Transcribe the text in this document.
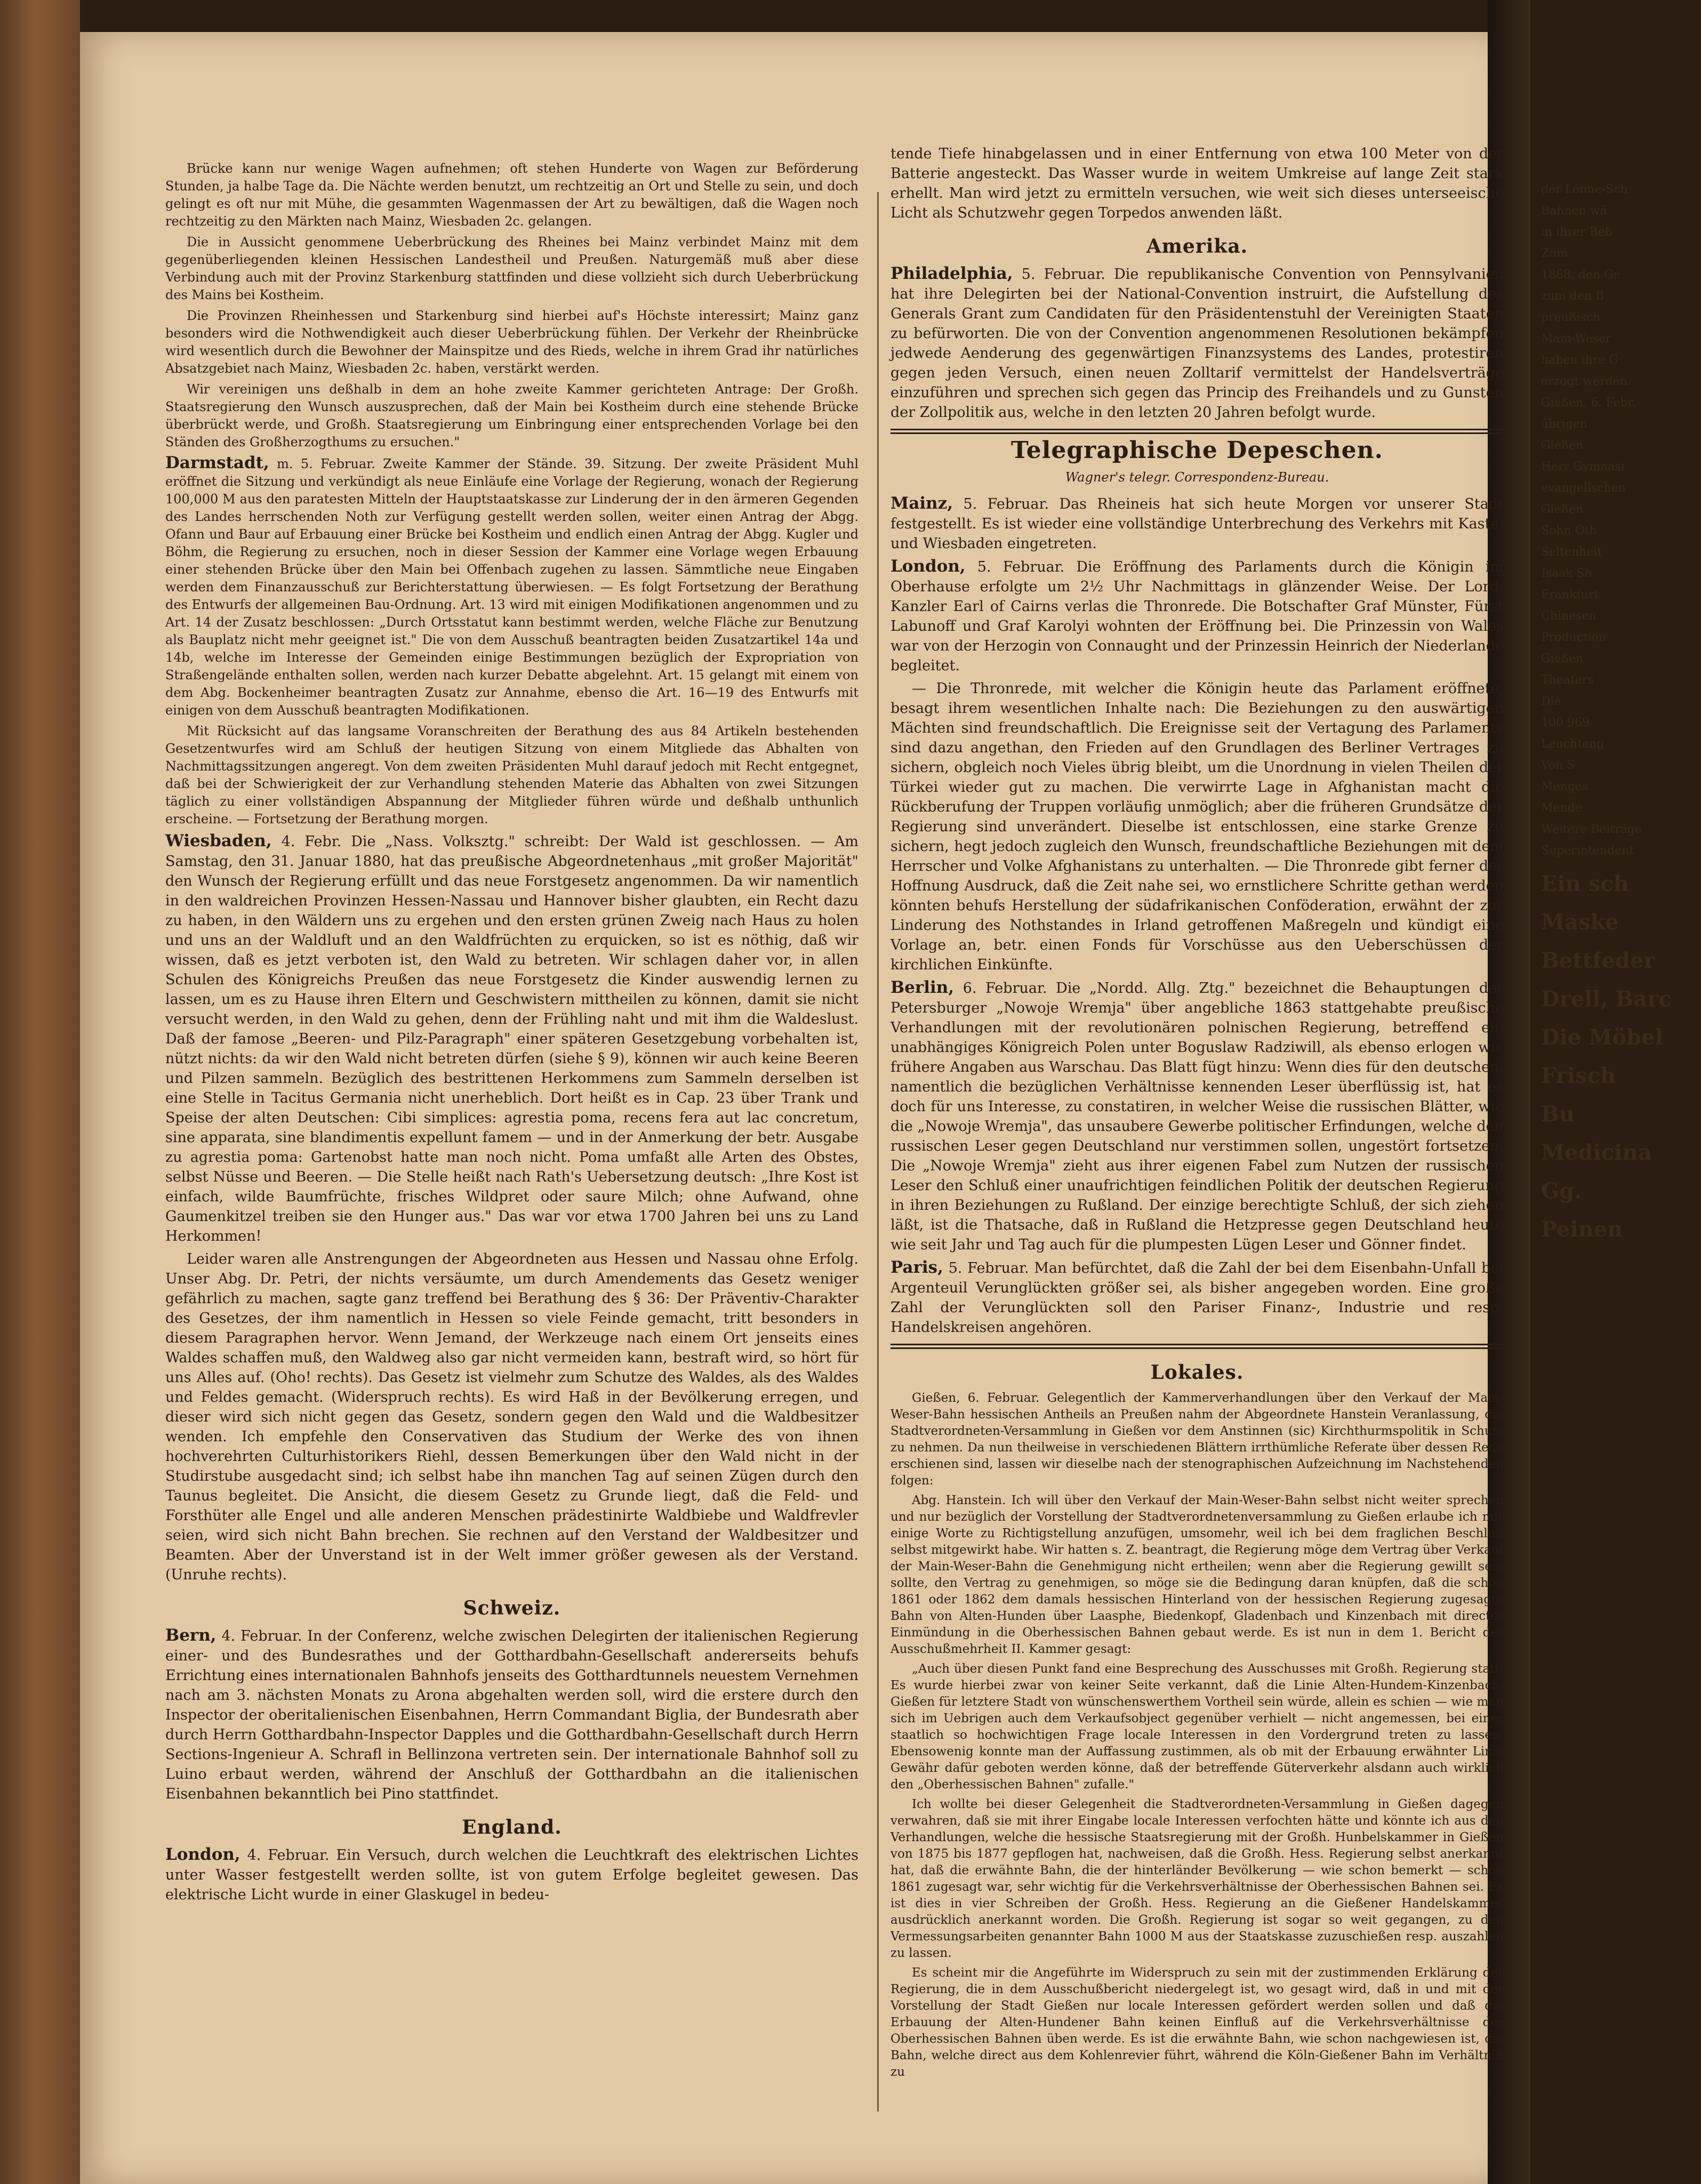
Brücke kann nur wenige Wagen aufnehmen; oft stehen Hunderte von Wagen zur Beförderung Stunden, ja halbe Tage da. Die Nächte werden benutzt, um rechtzeitig an Ort und Stelle zu sein, und doch gelingt es oft nur mit Mühe, die gesammten Wagenmassen der Art zu bewältigen, daß die Wagen noch rechtzeitig zu den Märkten nach Mainz, Wiesbaden 2c. gelangen.

Die in Aussicht genommene Ueberbrückung des Rheines bei Mainz verbindet Mainz mit dem gegenüberliegenden kleinen Hessischen Landestheil und Preußen. Naturgemäß muß aber diese Verbindung auch mit der Provinz Starkenburg stattfinden und diese vollzieht sich durch Ueberbrückung des Mains bei Kostheim.

Die Provinzen Rheinhessen und Starkenburg sind hierbei auf's Höchste interessirt; Mainz ganz besonders wird die Nothwendigkeit auch dieser Ueberbrückung fühlen. Der Verkehr der Rheinbrücke wird wesentlich durch die Bewohner der Mainspitze und des Rieds, welche in ihrem Grad ihr natürliches Absatzgebiet nach Mainz, Wiesbaden 2c. haben, verstärkt werden.

Wir vereinigen uns deßhalb in dem an hohe zweite Kammer gerichteten Antrage: Der Großh. Staatsregierung den Wunsch auszusprechen, daß der Main bei Kostheim durch eine stehende Brücke überbrückt werde, und Großh. Staatsregierung um Einbringung einer entsprechenden Vorlage bei den Ständen des Großherzogthums zu ersuchen."

Darmstadt, m. 5. Februar. Zweite Kammer der Stände. 39. Sitzung. Der zweite Präsident Muhl eröffnet die Sitzung und verkündigt als neue Einläufe eine Vorlage der Regierung, wonach der Regierung 100,000 M aus den paratesten Mitteln der Hauptstaatskasse zur Linderung der in den ärmeren Gegenden des Landes herrschenden Noth zur Verfügung gestellt werden sollen, weiter einen Antrag der Abgg. Ofann und Baur auf Erbauung einer Brücke bei Kostheim und endlich einen Antrag der Abgg. Kugler und Böhm, die Regierung zu ersuchen, noch in dieser Session der Kammer eine Vorlage wegen Erbauung einer stehenden Brücke über den Main bei Offenbach zugehen zu lassen. Sämmtliche neue Eingaben werden dem Finanzausschuß zur Berichterstattung überwiesen. — Es folgt Fortsetzung der Berathung des Entwurfs der allgemeinen Bau-Ordnung. Art. 13 wird mit einigen Modifikationen angenommen und zu Art. 14 der Zusatz beschlossen: „Durch Ortsstatut kann bestimmt werden, welche Fläche zur Benutzung als Bauplatz nicht mehr geeignet ist." Die von dem Ausschuß beantragten beiden Zusatzartikel 14a und 14b, welche im Interesse der Gemeinden einige Bestimmungen bezüglich der Expropriation von Straßengelände enthalten sollen, werden nach kurzer Debatte abgelehnt. Art. 15 gelangt mit einem von dem Abg. Bockenheimer beantragten Zusatz zur Annahme, ebenso die Art. 16—19 des Entwurfs mit einigen von dem Ausschuß beantragten Modifikationen.

Mit Rücksicht auf das langsame Voranschreiten der Berathung des aus 84 Artikeln bestehenden Gesetzentwurfes wird am Schluß der heutigen Sitzung von einem Mitgliede das Abhalten von Nachmittagssitzungen angeregt. Von dem zweiten Präsidenten Muhl darauf jedoch mit Recht entgegnet, daß bei der Schwierigkeit der zur Verhandlung stehenden Materie das Abhalten von zwei Sitzungen täglich zu einer vollständigen Abspannung der Mitglieder führen würde und deßhalb unthunlich erscheine. — Fortsetzung der Berathung morgen.

Wiesbaden, 4. Febr. Die „Nass. Volksztg." schreibt: Der Wald ist geschlossen. — Am Samstag, den 31. Januar 1880, hat das preußische Abgeordnetenhaus „mit großer Majorität" den Wunsch der Regierung erfüllt und das neue Forstgesetz angenommen. Da wir namentlich in den waldreichen Provinzen Hessen-Nassau und Hannover bisher glaubten, ein Recht dazu zu haben, in den Wäldern uns zu ergehen und den ersten grünen Zweig nach Haus zu holen und uns an der Waldluft und an den Waldfrüchten zu erquicken, so ist es nöthig, daß wir wissen, daß es jetzt verboten ist, den Wald zu betreten. Wir schlagen daher vor, in allen Schulen des Königreichs Preußen das neue Forstgesetz die Kinder auswendig lernen zu lassen, um es zu Hause ihren Eltern und Geschwistern mittheilen zu können, damit sie nicht versucht werden, in den Wald zu gehen, denn der Frühling naht und mit ihm die Waldeslust. Daß der famose „Beeren- und Pilz-Paragraph" einer späteren Gesetzgebung vorbehalten ist, nützt nichts: da wir den Wald nicht betreten dürfen (siehe § 9), können wir auch keine Beeren und Pilzen sammeln. Bezüglich des bestrittenen Herkommens zum Sammeln derselben ist eine Stelle in Tacitus Germania nicht unerheblich. Dort heißt es in Cap. 23 über Trank und Speise der alten Deutschen: Cibi simplices: agrestia poma, recens fera aut lac concretum, sine apparata, sine blandimentis expellunt famem — und in der Anmerkung der betr. Ausgabe zu agrestia poma: Gartenobst hatte man noch nicht. Poma umfaßt alle Arten des Obstes, selbst Nüsse und Beeren. — Die Stelle heißt nach Rath's Uebersetzung deutsch: „Ihre Kost ist einfach, wilde Baumfrüchte, frisches Wildpret oder saure Milch; ohne Aufwand, ohne Gaumenkitzel treiben sie den Hunger aus." Das war vor etwa 1700 Jahren bei uns zu Land Herkommen!

Leider waren alle Anstrengungen der Abgeordneten aus Hessen und Nassau ohne Erfolg. Unser Abg. Dr. Petri, der nichts versäumte, um durch Amendements das Gesetz weniger gefährlich zu machen, sagte ganz treffend bei Berathung des § 36: Der Präventiv-Charakter des Gesetzes, der ihm namentlich in Hessen so viele Feinde gemacht, tritt besonders in diesem Paragraphen hervor. Wenn Jemand, der Werkzeuge nach einem Ort jenseits eines Waldes schaffen muß, den Waldweg also gar nicht vermeiden kann, bestraft wird, so hört für uns Alles auf. (Oho! rechts). Das Gesetz ist vielmehr zum Schutze des Waldes, als des Waldes und Feldes gemacht. (Widerspruch rechts). Es wird Haß in der Bevölkerung erregen, und dieser wird sich nicht gegen das Gesetz, sondern gegen den Wald und die Waldbesitzer wenden. Ich empfehle den Conservativen das Studium der Werke des von ihnen hochverehrten Culturhistorikers Riehl, dessen Bemerkungen über den Wald nicht in der Studirstube ausgedacht sind; ich selbst habe ihn manchen Tag auf seinen Zügen durch den Taunus begleitet. Die Ansicht, die diesem Gesetz zu Grunde liegt, daß die Feld- und Forsthüter alle Engel und alle anderen Menschen prädestinirte Waldbiebe und Waldfrevler seien, wird sich nicht Bahn brechen. Sie rechnen auf den Verstand der Waldbesitzer und Beamten. Aber der Unverstand ist in der Welt immer größer gewesen als der Verstand. (Unruhe rechts).

Schweiz.

Bern, 4. Februar. In der Conferenz, welche zwischen Delegirten der italienischen Regierung einer- und des Bundesrathes und der Gotthardbahn-Gesellschaft andererseits behufs Errichtung eines internationalen Bahnhofs jenseits des Gotthardtunnels neuestem Vernehmen nach am 3. nächsten Monats zu Arona abgehalten werden soll, wird die erstere durch den Inspector der oberitalienischen Eisenbahnen, Herrn Commandant Biglia, der Bundesrath aber durch Herrn Gotthardbahn-Inspector Dapples und die Gotthardbahn-Gesellschaft durch Herrn Sections-Ingenieur A. Schrafl in Bellinzona vertreten sein. Der internationale Bahnhof soll zu Luino erbaut werden, während der Anschluß der Gotthardbahn an die italienischen Eisenbahnen bekanntlich bei Pino stattfindet.

England.

London, 4. Februar. Ein Versuch, durch welchen die Leuchtkraft des elektrischen Lichtes unter Wasser festgestellt werden sollte, ist von gutem Erfolge begleitet gewesen. Das elektrische Licht wurde in einer Glaskugel in bedeu-

tende Tiefe hinabgelassen und in einer Entfernung von etwa 100 Meter von der Batterie angesteckt. Das Wasser wurde in weitem Umkreise auf lange Zeit stark erhellt. Man wird jetzt zu ermitteln versuchen, wie weit sich dieses unterseeische Licht als Schutzwehr gegen Torpedos anwenden läßt.

Amerika.

Philadelphia, 5. Februar. Die republikanische Convention von Pennsylvanien hat ihre Delegirten bei der National-Convention instruirt, die Aufstellung des Generals Grant zum Candidaten für den Präsidentenstuhl der Vereinigten Staaten zu befürworten. Die von der Convention angenommenen Resolutionen bekämpfen jedwede Aenderung des gegenwärtigen Finanzsystems des Landes, protestiren gegen jeden Versuch, einen neuen Zolltarif vermittelst der Handelsverträge einzuführen und sprechen sich gegen das Princip des Freihandels und zu Gunsten der Zollpolitik aus, welche in den letzten 20 Jahren befolgt wurde.

Telegraphische Depeschen.
Wagner's telegr. Correspondenz-Bureau.

Mainz, 5. Februar. Das Rheineis hat sich heute Morgen vor unserer Stadt festgestellt. Es ist wieder eine vollständige Unterbrechung des Verkehrs mit Kastel und Wiesbaden eingetreten.

London, 5. Februar. Die Eröffnung des Parlaments durch die Königin im Oberhause erfolgte um 2½ Uhr Nachmittags in glänzender Weise. Der Lord-Kanzler Earl of Cairns verlas die Thronrede. Die Botschafter Graf Münster, Fürst Labunoff und Graf Karolyi wohnten der Eröffnung bei. Die Prinzessin von Wales war von der Herzogin von Connaught und der Prinzessin Heinrich der Niederlande begleitet.

— Die Thronrede, mit welcher die Königin heute das Parlament eröffnete, besagt ihrem wesentlichen Inhalte nach: Die Beziehungen zu den auswärtigen Mächten sind freundschaftlich. Die Ereignisse seit der Vertagung des Parlaments sind dazu angethan, den Frieden auf den Grundlagen des Berliner Vertrages zu sichern, obgleich noch Vieles übrig bleibt, um die Unordnung in vielen Theilen der Türkei wieder gut zu machen. Die verwirrte Lage in Afghanistan macht die Rückberufung der Truppen vorläufig unmöglich; aber die früheren Grundsätze der Regierung sind unverändert. Dieselbe ist entschlossen, eine starke Grenze zu sichern, hegt jedoch zugleich den Wunsch, freundschaftliche Beziehungen mit dem Herrscher und Volke Afghanistans zu unterhalten. — Die Thronrede gibt ferner der Hoffnung Ausdruck, daß die Zeit nahe sei, wo ernstlichere Schritte gethan werden könnten behufs Herstellung der südafrikanischen Conföderation, erwähnt der zur Linderung des Nothstandes in Irland getroffenen Maßregeln und kündigt eine Vorlage an, betr. einen Fonds für Vorschüsse aus den Ueberschüssen der kirchlichen Einkünfte.

Berlin, 6. Februar. Die „Nordd. Allg. Ztg." bezeichnet die Behauptungen der Petersburger „Nowoje Wremja" über angebliche 1863 stattgehabte preußische Verhandlungen mit der revolutionären polnischen Regierung, betreffend ein unabhängiges Königreich Polen unter Boguslaw Radziwill, als ebenso erlogen wie frühere Angaben aus Warschau. Das Blatt fügt hinzu: Wenn dies für den deutschen, namentlich die bezüglichen Verhältnisse kennenden Leser überflüssig ist, hat es doch für uns Interesse, zu constatiren, in welcher Weise die russischen Blätter, wie die „Nowoje Wremja", das unsaubere Gewerbe politischer Erfindungen, welche den russischen Leser gegen Deutschland nur verstimmen sollen, ungestört fortsetzen. Die „Nowoje Wremja" zieht aus ihrer eigenen Fabel zum Nutzen der russischen Leser den Schluß einer unaufrichtigen feindlichen Politik der deutschen Regierung in ihren Beziehungen zu Rußland. Der einzige berechtigte Schluß, der sich ziehen läßt, ist die Thatsache, daß in Rußland die Hetzpresse gegen Deutschland heute wie seit Jahr und Tag auch für die plumpesten Lügen Leser und Gönner findet.

Paris, 5. Februar. Man befürchtet, daß die Zahl der bei dem Eisenbahn-Unfall bei Argenteuil Verunglückten größer sei, als bisher angegeben worden. Eine große Zahl der Verunglückten soll den Pariser Finanz-, Industrie und resp. Handelskreisen angehören.

Lokales.

Gießen, 6. Februar. Gelegentlich der Kammerverhandlungen über den Verkauf der Main-Weser-Bahn hessischen Antheils an Preußen nahm der Abgeordnete Hanstein Veranlassung, die Stadtverordneten-Versammlung in Gießen vor dem Anstinnen (sic) Kirchthurmspolitik in Schutz zu nehmen. Da nun theilweise in verschiedenen Blättern irrthümliche Referate über dessen Rede erschienen sind, lassen wir dieselbe nach der stenographischen Aufzeichnung im Nachstehenden folgen:

Abg. Hanstein. Ich will über den Verkauf der Main-Weser-Bahn selbst nicht weiter sprechen und nur bezüglich der Vorstellung der Stadtverordnetenversammlung zu Gießen erlaube ich mir einige Worte zu Richtigstellung anzufügen, umsomehr, weil ich bei dem fraglichen Beschluß selbst mitgewirkt habe. Wir hatten s. Z. beantragt, die Regierung möge dem Vertrag über Verkauf der Main-Weser-Bahn die Genehmigung nicht ertheilen; wenn aber die Regierung gewillt sein sollte, den Vertrag zu genehmigen, so möge sie die Bedingung daran knüpfen, daß die schon 1861 oder 1862 dem damals hessischen Hinterland von der hessischen Regierung zugesagte Bahn von Alten-Hunden über Laasphe, Biedenkopf, Gladenbach und Kinzenbach mit directer Einmündung in die Oberhessischen Bahnen gebaut werde. Es ist nun in dem 1. Bericht der Ausschußmehrheit II. Kammer gesagt:

„Auch über diesen Punkt fand eine Besprechung des Ausschusses mit Großh. Regierung statt. Es wurde hierbei zwar von keiner Seite verkannt, daß die Linie Alten-Hundem-Kinzenbach-Gießen für letztere Stadt von wünschenswerthem Vortheil sein würde, allein es schien — wie man sich im Uebrigen auch dem Verkaufsobject gegenüber verhielt — nicht angemessen, bei einer staatlich so hochwichtigen Frage locale Interessen in den Vordergrund treten zu lassen. Ebensowenig konnte man der Auffassung zustimmen, als ob mit der Erbauung erwähnter Linie Gewähr dafür geboten werden könne, daß der betreffende Güterverkehr alsdann auch wirklich den „Oberhessischen Bahnen" zufalle."

Ich wollte bei dieser Gelegenheit die Stadtverordneten-Versammlung in Gießen dagegen verwahren, daß sie mit ihrer Eingabe locale Interessen verfochten hätte und könnte ich aus den Verhandlungen, welche die hessische Staatsregierung mit der Großh. Hunbelskammer in Gießen von 1875 bis 1877 gepflogen hat, nachweisen, daß die Großh. Hess. Regierung selbst anerkannt hat, daß die erwähnte Bahn, die der hinterländer Bevölkerung — wie schon bemerkt — schon 1861 zugesagt war, sehr wichtig für die Verkehrsverhältnisse der Oberhessischen Bahnen sei. Es ist dies in vier Schreiben der Großh. Hess. Regierung an die Gießener Handelskammer ausdrücklich anerkannt worden. Die Großh. Regierung ist sogar so weit gegangen, zu den Vermessungsarbeiten genannter Bahn 1000 M aus der Staatskasse zuzuschießen resp. auszahlen zu lassen.

Es scheint mir die Angeführte im Widerspruch zu sein mit der zustimmenden Erklärung der Regierung, die in dem Ausschußbericht niedergelegt ist, wo gesagt wird, daß in und mit der Vorstellung der Stadt Gießen nur locale Interessen gefördert werden sollen und daß die Erbauung der Alten-Hundener Bahn keinen Einfluß auf die Verkehrsverhältnisse der Oberhessischen Bahnen üben werde. Es ist die erwähnte Bahn, wie schon nachgewiesen ist, die Bahn, welche direct aus dem Kohlenrevier führt, während die Köln-Gießener Bahn im Verhältniß zu

der Lenne-Sch

Bahnen wä

in ihrer Beß

Zum

1868, den Ge

zum den B

preußisch

Main-Weser

haben ihre G

erzogt werden.

Gießen, 6. Febr.

übrigen

Gießen

Herr Gymnasi

evangelischen

Gießen

Sohn Oth

Seltenheit

Isaak Sh

Frankfurt

Chinesen

Production

Gießen

Theaters

Die

100 969

Leuchteng

Von S

Menges

Mende

Weitere Beiträge

Superintendent

Ein sch

Maske

Bettfeder

Drell, Barc

Die Möbel

Frisch

Bu

Medicina

Gg.

Peinen
